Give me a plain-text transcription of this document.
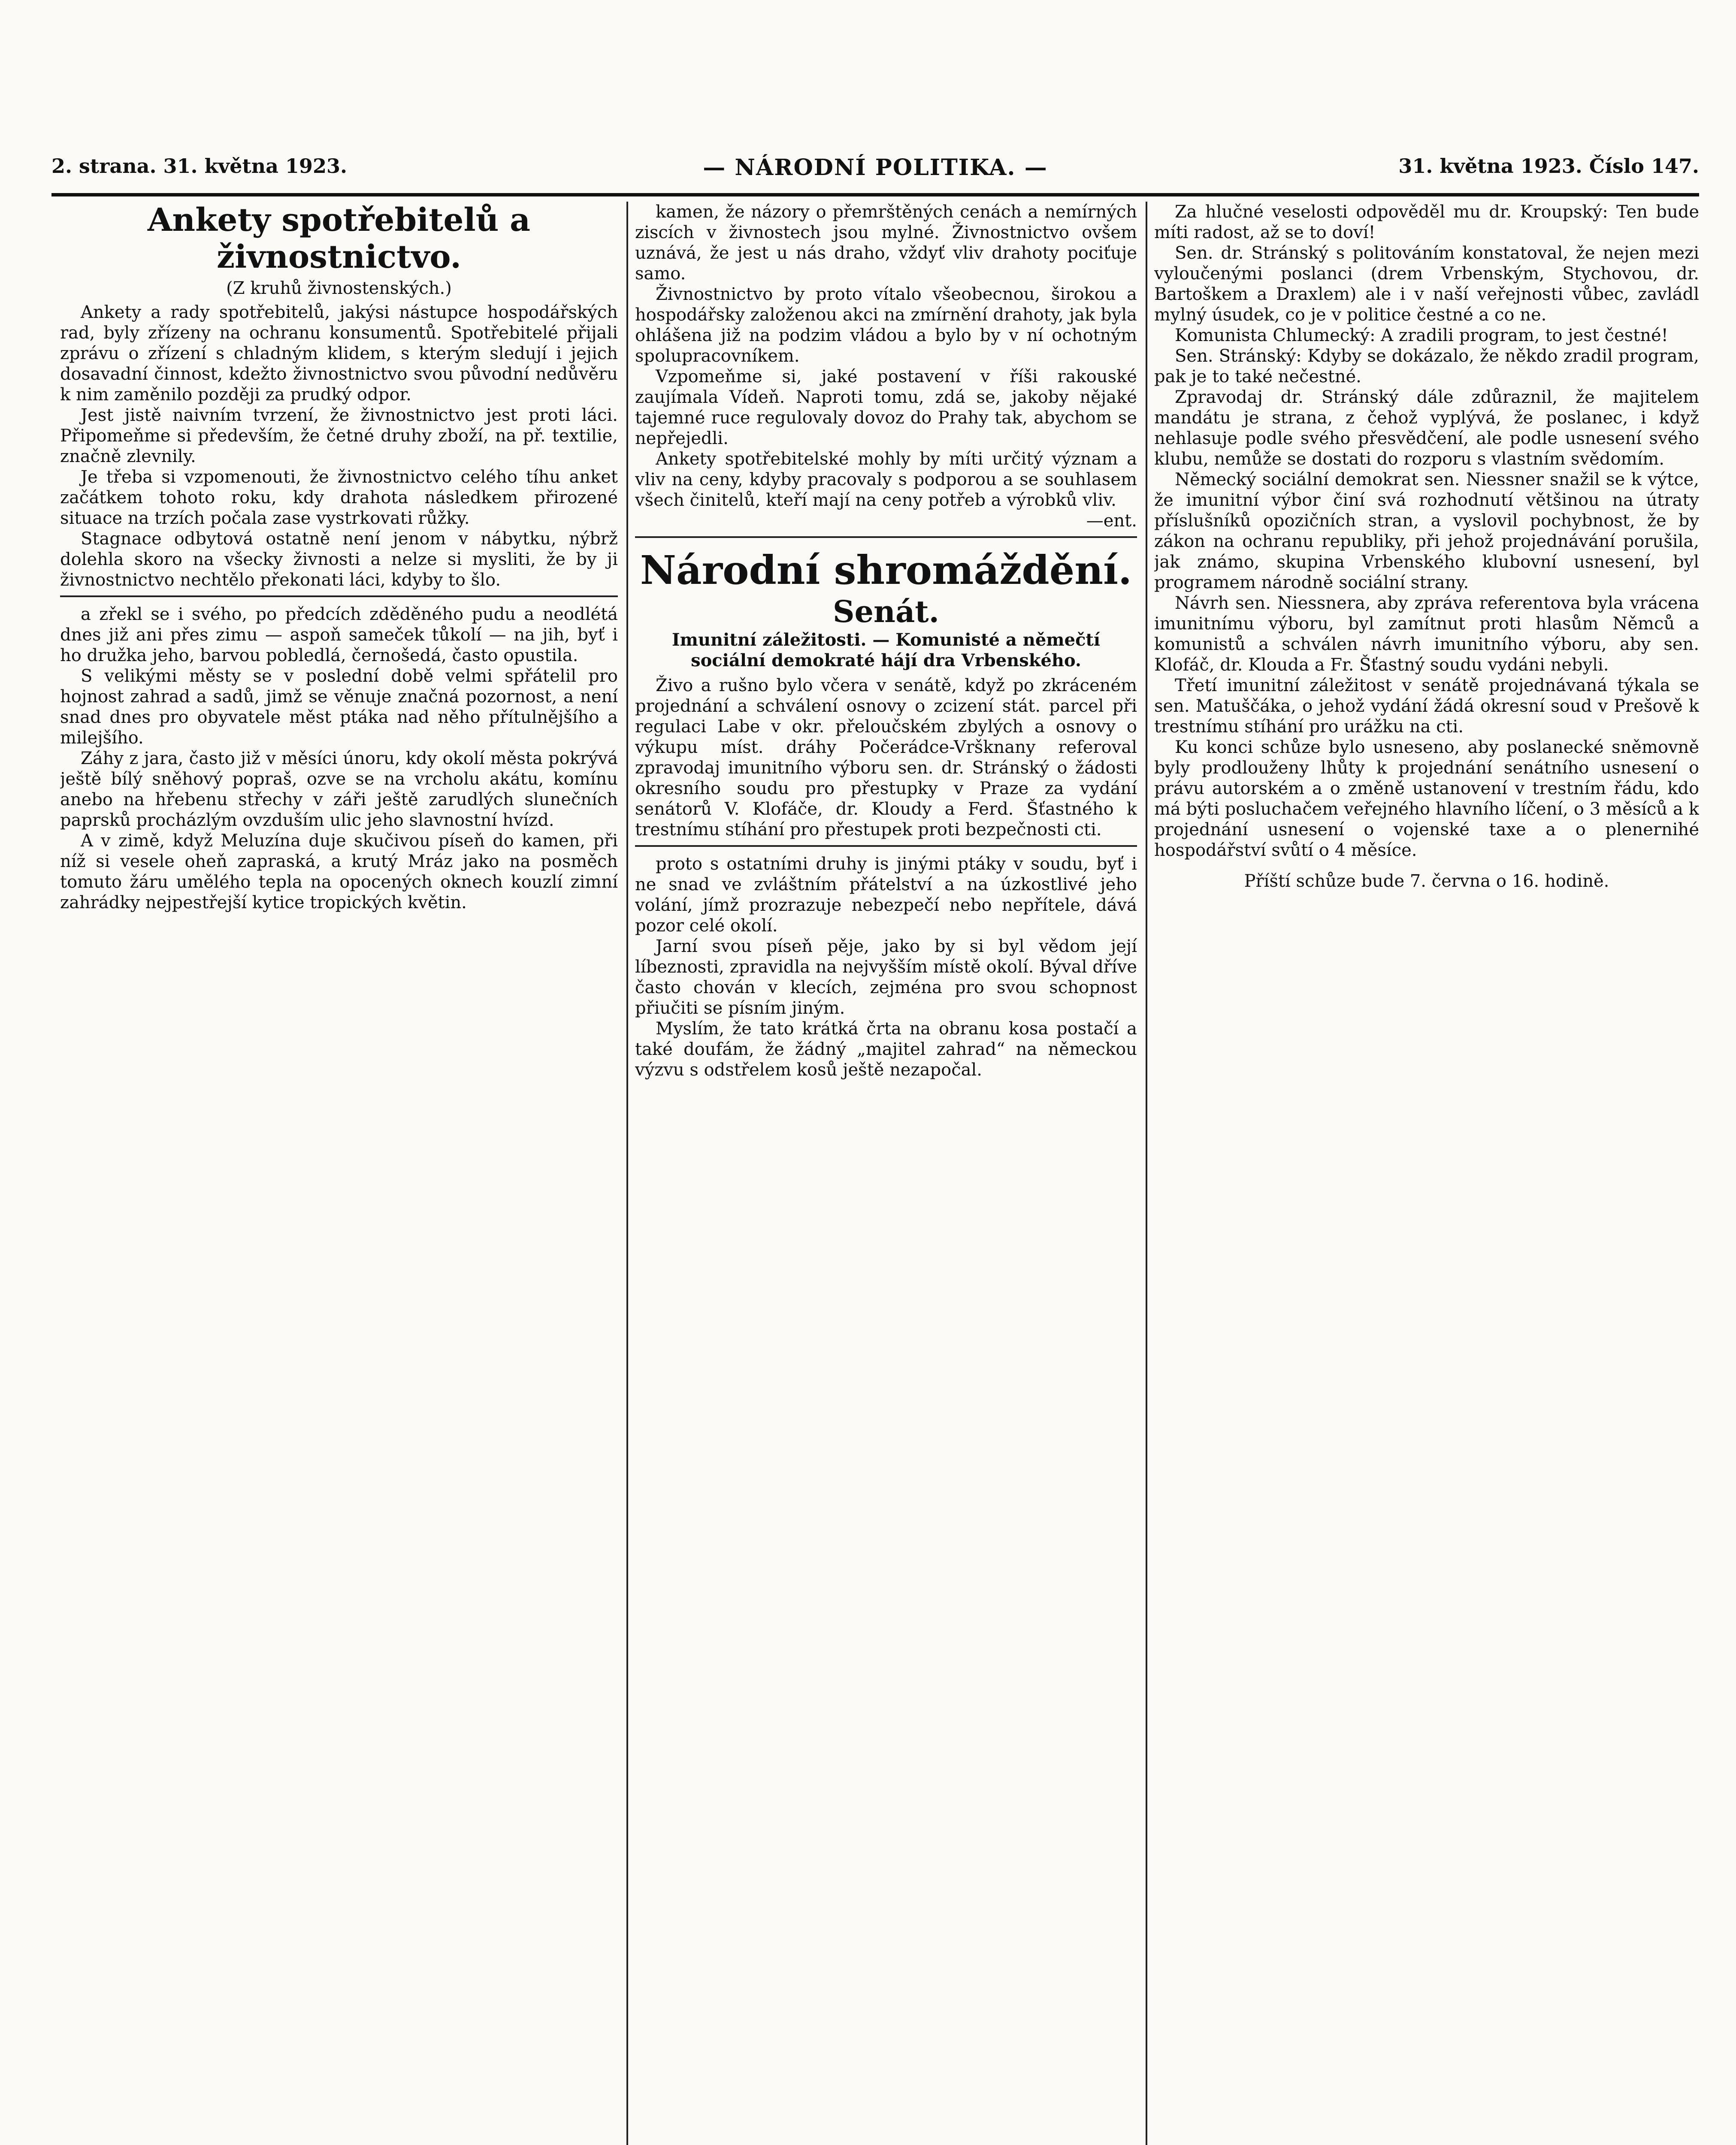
2. strana. 31. května 1923.	— NÁRODNÍ POLITIKA. —	31. května 1923. Číslo 147.
Ankety spotřebitelů a živnostnictvo.
(Z kruhů živnostenských.)

Ankety a rady spotřebitelů, jakýsi nástupce hospodářských rad, byly zřízeny na ochranu konsumentů. Spotřebitelé přijali zprávu o zřízení s chladným klidem, s kterým sledují i jejich dosavadní činnost, kdežto živnostnictvo svou původní nedůvěru k nim zaměnilo později za prudký odpor.

Jest jistě naivním tvrzení, že živnostnictvo jest proti láci. Připomeňme si především, že četné druhy zboží, na př. textilie, značně zlevnily.

Je třeba si vzpomenouti, že živnostnictvo celého tíhu anket začátkem tohoto roku, kdy drahota následkem přirozené situace na trzích počala zase vystrkovati růžky.

Stagnace odbytová ostatně není jenom v nábytku, nýbrž dolehla skoro na všecky živnosti a nelze si mysliti, že by ji živnostnictvo nechtělo překonati láci, kdyby to šlo.

a zřekl se i svého, po předcích zděděného pudu a neodlétá dnes již ani přes zimu — aspoň sameček tůkolí — na jih, byť i ho družka jeho, barvou pobledlá, černošedá, často opustila.

S velikými městy se v poslední době velmi spřátelil pro hojnost zahrad a sadů, jimž se věnuje značná pozornost, a není snad dnes pro obyvatele měst ptáka nad něho přítulnějšího a milejšího.

Záhy z jara, často již v měsíci únoru, kdy okolí města pokrývá ještě bílý sněhový popraš, ozve se na vrcholu akátu, komínu anebo na hřebenu střechy v záři ještě zarudlých slunečních paprsků procházlým ovzduším ulic jeho slavnostní hvízd.

A v zimě, když Meluzína duje skučivou píseň do kamen, při níž si vesele oheň zapraská, a krutý Mráz jako na posměch tomuto žáru umělého tepla na opocených oknech kouzlí zimní zahrádky nejpestřejší kytice tropických květin.

kamen, že názory o přemrštěných cenách a nemírných ziscích v živnostech jsou mylné. Živnostnictvo ovšem uznává, že jest u nás draho, vždyť vliv drahoty pociťuje samo.

Živnostnictvo by proto vítalo všeobecnou, širokou a hospodářsky založenou akci na zmírnění drahoty, jak byla ohlášena již na podzim vládou a bylo by v ní ochotným spolupracovníkem.

Vzpomeňme si, jaké postavení v říši rakouské zaujímala Vídeň. Naproti tomu, zdá se, jakoby nějaké tajemné ruce regulovaly dovoz do Prahy tak, abychom se nepřejedli.

Ankety spotřebitelské mohly by míti určitý význam a vliv na ceny, kdyby pracovaly s podporou a se souhlasem všech činitelů, kteří mají na ceny potřeb a výrobků vliv.

—ent.
Národní shromáždění.
Senát.
Imunitní záležitosti. — Komunisté a němečtí sociální demokraté hájí dra Vrbenského.

Živo a rušno bylo včera v senátě, když po zkráceném projednání a schválení osnovy o zcizení stát. parcel při regulaci Labe v okr. přeloučském zbylých a osnovy o výkupu míst. dráhy Počerádce-Vršknany referoval zpravodaj imunitního výboru sen. dr. Stránský o žádosti okresního soudu pro přestupky v Praze za vydání senátorů V. Klofáče, dr. Kloudy a Ferd. Šťastného k trestnímu stíhání pro přestupek proti bezpečnosti cti.

proto s ostatními druhy is jinými ptáky v soudu, byť i ne snad ve zvláštním přátelství a na úzkostlivé jeho volání, jímž prozrazuje nebezpečí nebo nepřítele, dává pozor celé okolí.

Jarní svou píseň pěje, jako by si byl vědom její líbeznosti, zpravidla na nejvyšším místě okolí. Býval dříve často chován v klecích, zejména pro svou schopnost přiučiti se písním jiným.

Myslím, že tato krátká črta na obranu kosa postačí a také doufám, že žádný „majitel zahrad“ na německou výzvu s odstřelem kosů ještě nezapočal.

Za hlučné veselosti odpověděl mu dr. Kroupský: Ten bude míti radost, až se to doví!

Sen. dr. Stránský s politováním konstatoval, že nejen mezi vyloučenými poslanci (drem Vrbenským, Stychovou, dr. Bartoškem a Draxlem) ale i v naší veřejnosti vůbec, zavládl mylný úsudek, co je v politice čestné a co ne.

Komunista Chlumecký: A zradili program, to jest čestné!

Sen. Stránský: Kdyby se dokázalo, že někdo zradil program, pak je to také nečestné.

Zpravodaj dr. Stránský dále zdůraznil, že majitelem mandátu je strana, z čehož vyplývá, že poslanec, i když nehlasuje podle svého přesvědčení, ale podle usnesení svého klubu, nemůže se dostati do rozporu s vlastním svědomím.

Německý sociální demokrat sen. Niessner snažil se k výtce, že imunitní výbor činí svá rozhodnutí většinou na útraty příslušníků opozičních stran, a vyslovil pochybnost, že by zákon na ochranu republiky, při jehož projednávání porušila, jak známo, skupina Vrbenského klubovní usnesení, byl programem národně sociální strany.

Návrh sen. Niessnera, aby zpráva referentova byla vrácena imunitnímu výboru, byl zamítnut proti hlasům Němců a komunistů a schválen návrh imunitního výboru, aby sen. Klofáč, dr. Klouda a Fr. Šťastný soudu vydáni nebyli.

Třetí imunitní záležitost v senátě projednávaná týkala se sen. Matuščáka, o jehož vydání žádá okresní soud v Prešově k trestnímu stíhání pro urážku na cti.

Ku konci schůze bylo usneseno, aby poslanecké sněmovně byly prodlouženy lhůty k projednání senátního usnesení o právu autorském a o změně ustanovení v trestním řádu, kdo má býti posluchačem veřejného hlavního líčení, o 3 měsíců a k projednání usnesení o vojenské taxe a o plenernihé hospodářství svůtí o 4 měsíce.

Příští schůze bude 7. června o 16. hodině.
